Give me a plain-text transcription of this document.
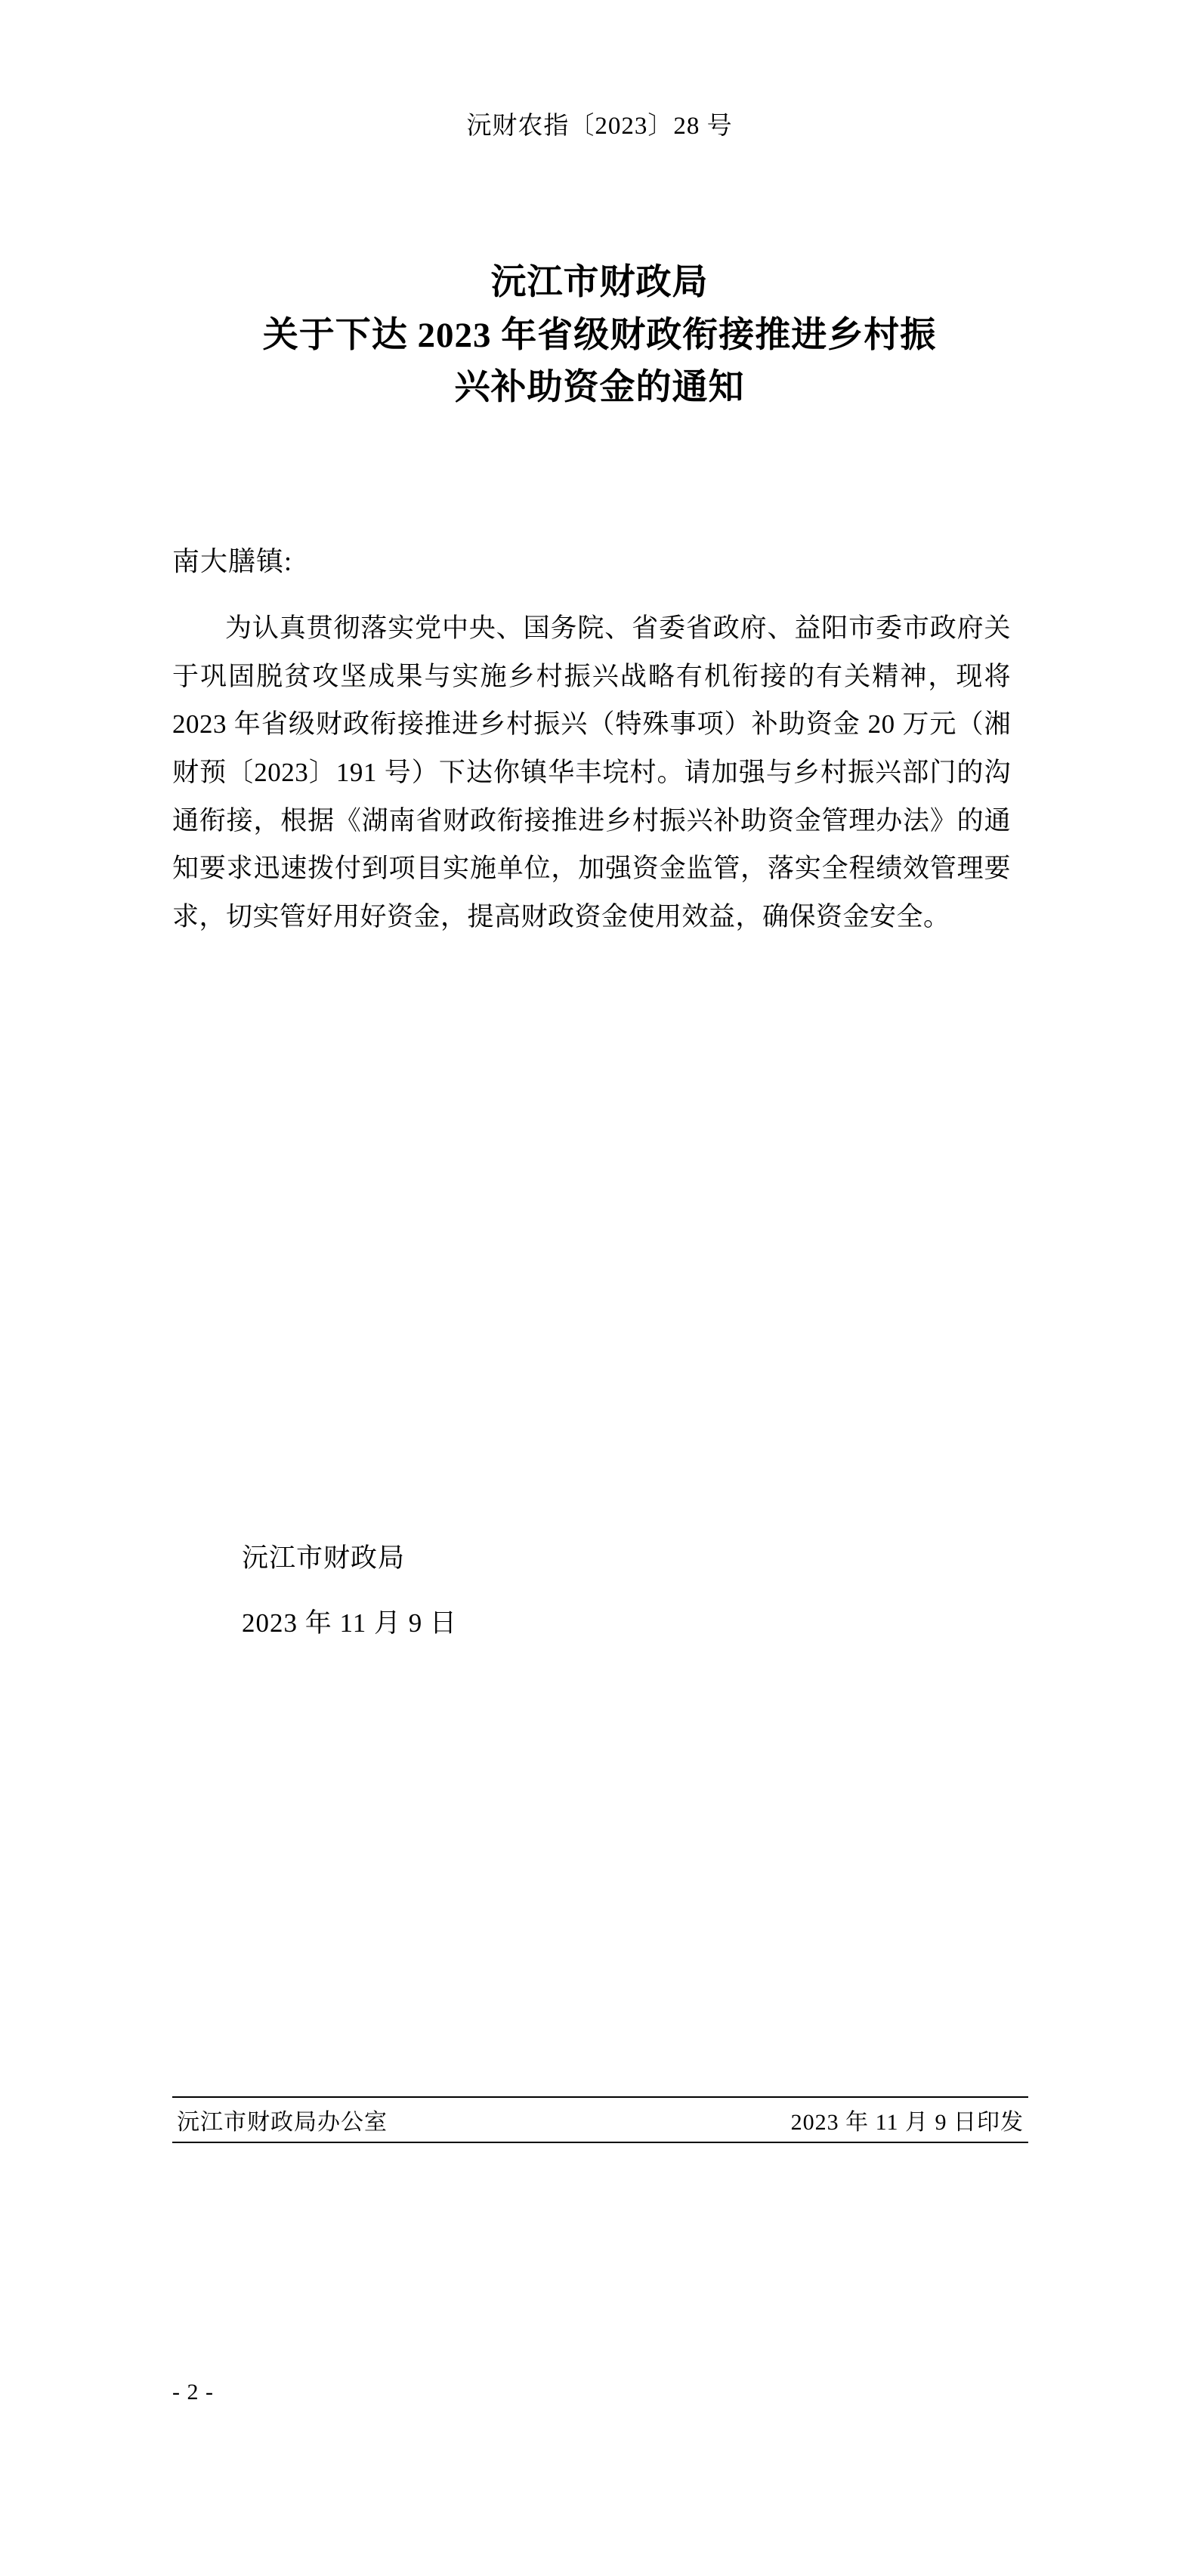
沅财农指〔2023〕28 号
沅江市财政局
关于下达 2023 年省级财政衔接推进乡村振
兴补助资金的通知
南大膳镇:

为认真贯彻落实党中央、国务院、省委省政府、益阳市委市政府关于巩固脱贫攻坚成果与实施乡村振兴战略有机衔接的有关精神，现将 2023 年省级财政衔接推进乡村振兴（特殊事项）补助资金 20 万元（湘财预〔2023〕191 号）下达你镇华丰垸村。请加强与乡村振兴部门的沟通衔接，根据《湖南省财政衔接推进乡村振兴补助资金管理办法》的通知要求迅速拨付到项目实施单位，加强资金监管，落实全程绩效管理要求，切实管好用好资金，提高财政资金使用效益，确保资金安全。

沅江市财政局
2023 年 11 月 9 日
沅江市财政局办公室	2023 年 11 月 9 日印发
- 2 -
